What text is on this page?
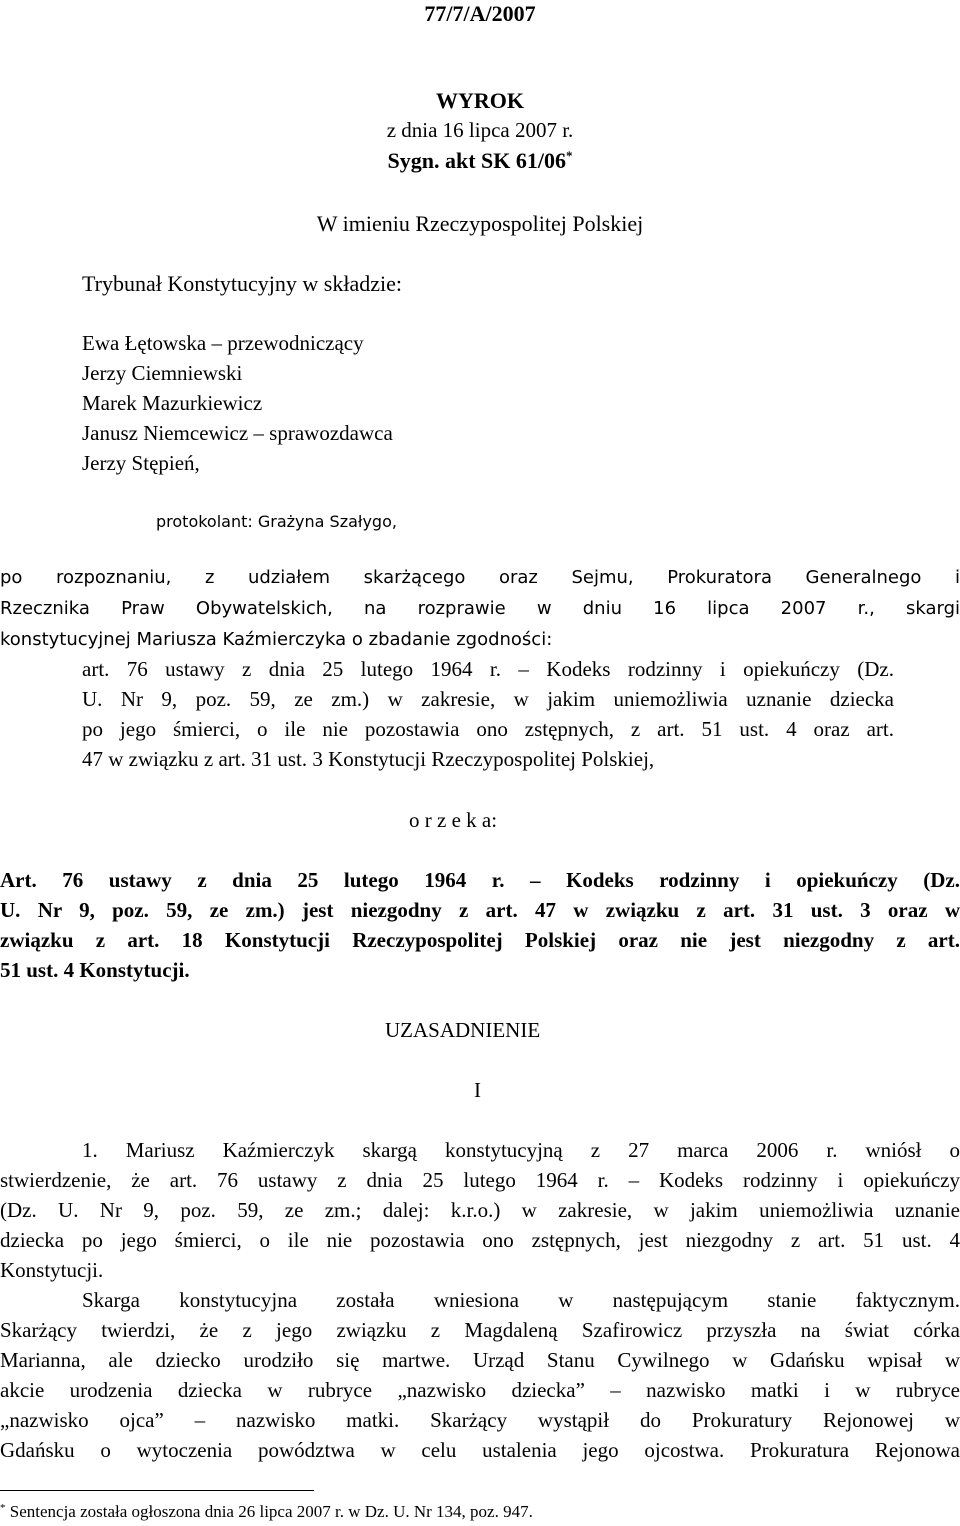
77/7/A/2007
WYROK
z dnia 16 lipca 2007 r.
Sygn. akt SK 61/06*
W imieniu Rzeczypospolitej Polskiej
Trybunał Konstytucyjny w składzie:
Ewa Łętowska – przewodniczący
Jerzy Ciemniewski
Marek Mazurkiewicz
Janusz Niemcewicz – sprawozdawca
Jerzy Stępień,
protokolant: Grażyna Szałygo,
po rozpoznaniu, z udziałem skarżącego oraz Sejmu, Prokuratora Generalnego i
Rzecznika Praw Obywatelskich, na rozprawie w dniu 16 lipca 2007 r., skargi
konstytucyjnej Mariusza Kaźmierczyka o zbadanie zgodności:
art. 76 ustawy z dnia 25 lutego 1964 r. – Kodeks rodzinny i opiekuńczy (Dz.
U. Nr 9, poz. 59, ze zm.) w zakresie, w jakim uniemożliwia uznanie dziecka
po jego śmierci, o ile nie pozostawia ono zstępnych, z art. 51 ust. 4 oraz art.
47 w związku z art. 31 ust. 3 Konstytucji Rzeczypospolitej Polskiej,
o r z e k a:
Art. 76 ustawy z dnia 25 lutego 1964 r. – Kodeks rodzinny i opiekuńczy (Dz.
U. Nr 9, poz. 59, ze zm.) jest niezgodny z art. 47 w związku z art. 31 ust. 3 oraz w
związku z art. 18 Konstytucji Rzeczypospolitej Polskiej oraz nie jest niezgodny z art.
51 ust. 4 Konstytucji.
UZASADNIENIE
I
1. Mariusz Kaźmierczyk skargą konstytucyjną z 27 marca 2006 r. wniósł o
stwierdzenie, że art. 76 ustawy z dnia 25 lutego 1964 r. – Kodeks rodzinny i opiekuńczy
(Dz. U. Nr 9, poz. 59, ze zm.; dalej: k.r.o.) w zakresie, w jakim uniemożliwia uznanie
dziecka po jego śmierci, o ile nie pozostawia ono zstępnych, jest niezgodny z art. 51 ust. 4
Konstytucji.
Skarga konstytucyjna została wniesiona w następującym stanie faktycznym.
Skarżący twierdzi, że z jego związku z Magdaleną Szafirowicz przyszła na świat córka
Marianna, ale dziecko urodziło się martwe. Urząd Stanu Cywilnego w Gdańsku wpisał w
akcie urodzenia dziecka w rubryce „nazwisko dziecka” – nazwisko matki i w rubryce
„nazwisko ojca” – nazwisko matki. Skarżący wystąpił do Prokuratury Rejonowej w
Gdańsku o wytoczenia powództwa w celu ustalenia jego ojcostwa. Prokuratura Rejonowa
* Sentencja została ogłoszona dnia 26 lipca 2007 r. w Dz. U. Nr 134, poz. 947.
